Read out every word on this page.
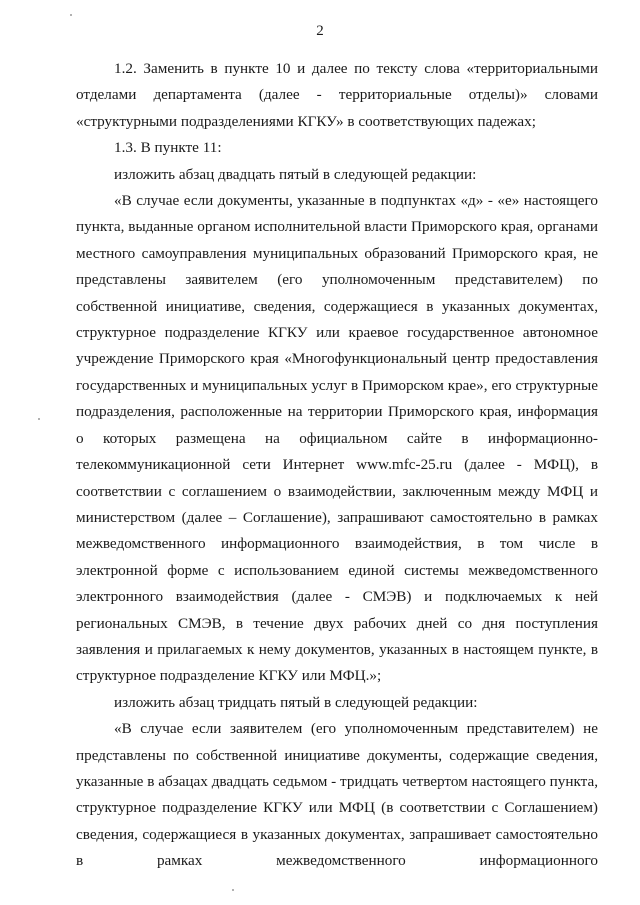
2

1.2. Заменить в пункте 10 и далее по тексту слова «территориальными отделами департамента (далее - территориальные отделы)» словами «структурными подразделениями КГКУ» в соответствующих падежах;

1.3. В пункте 11:

изложить абзац двадцать пятый в следующей редакции:

«В случае если документы, указанные в подпунктах «д» - «е» настоящего пункта, выданные органом исполнительной власти Приморского края, органами местного самоуправления муниципальных образований Приморского края, не представлены заявителем (его уполномоченным представителем) по собственной инициативе, сведения, содержащиеся в указанных документах, структурное подразделение КГКУ или краевое государственное автономное учреждение Приморского края «Многофункциональный центр предоставления государственных и муниципальных услуг в Приморском крае», его структурные подразделения, расположенные на территории Приморского края, информация о которых размещена на официальном сайте в информационно-телекоммуникационной сети Интернет www.mfc-25.ru (далее - МФЦ), в соответствии с соглашением о взаимодействии, заключенным между МФЦ и министерством (далее – Соглашение), запрашивают самостоятельно в рамках межведомственного информационного взаимодействия, в том числе в электронной форме с использованием единой системы межведомственного электронного взаимодействия (далее - СМЭВ) и подключаемых к ней региональных СМЭВ, в течение двух рабочих дней со дня поступления заявления и прилагаемых к нему документов, указанных в настоящем пункте, в структурное подразделение КГКУ или МФЦ.»;

изложить абзац тридцать пятый в следующей редакции:

«В случае если заявителем (его уполномоченным представителем) не представлены по собственной инициативе документы, содержащие сведения, указанные в абзацах двадцать седьмом - тридцать четвертом настоящего пункта, структурное подразделение КГКУ или МФЦ (в соответствии с Соглашением) сведения, содержащиеся в указанных документах, запрашивает самостоятельно в рамках межведомственного информационного
